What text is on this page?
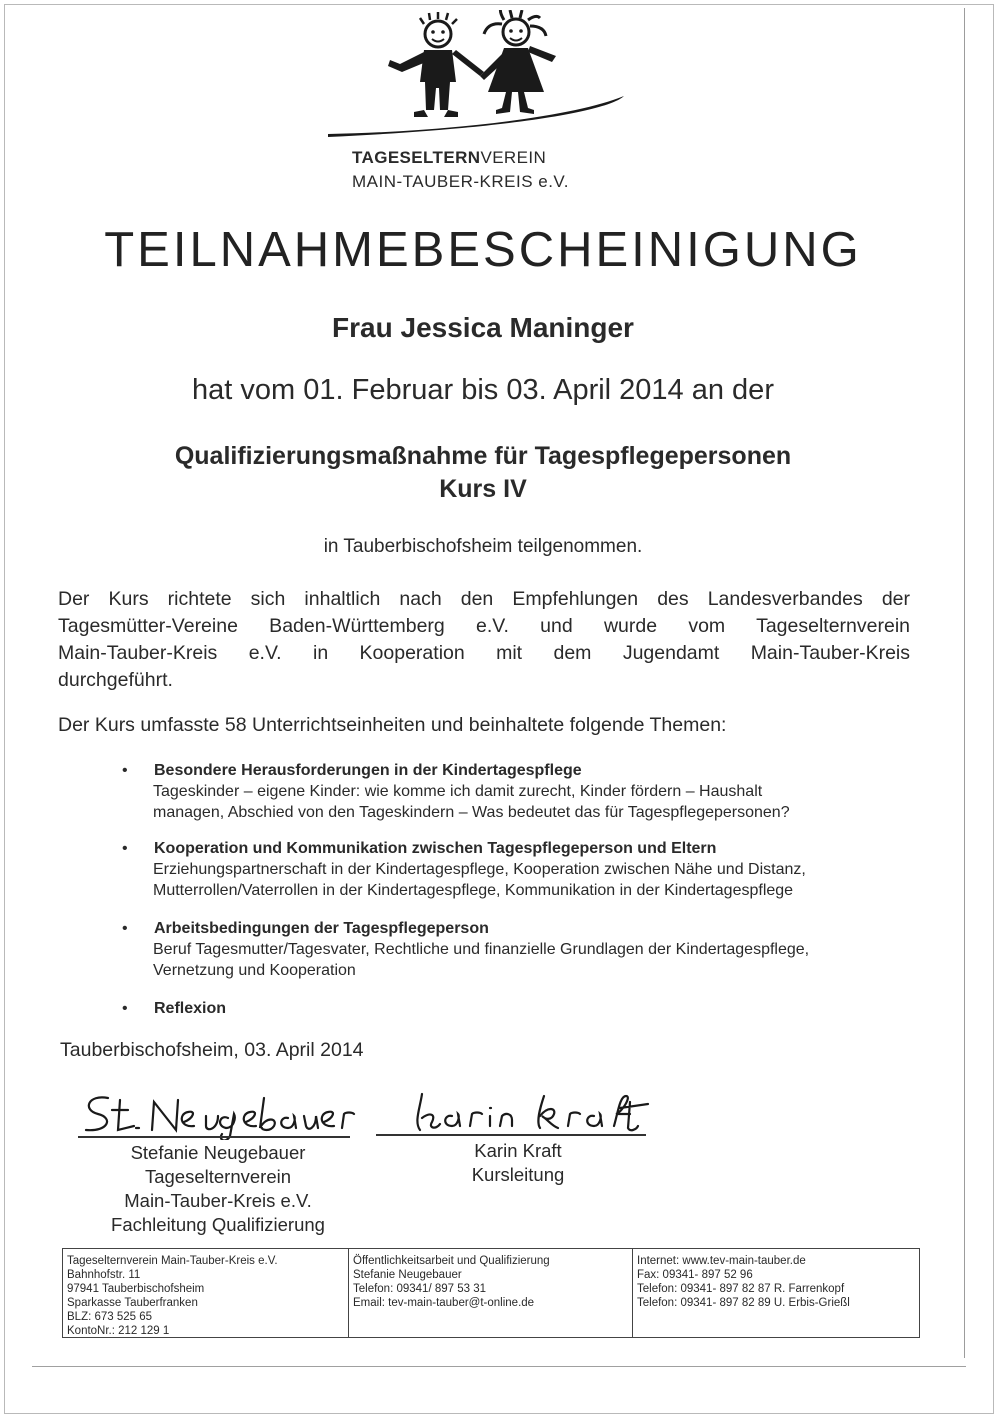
TAGESELTERNVEREIN
MAIN-TAUBER-KREIS e.V.
TEILNAHMEBESCHEINIGUNG
Frau Jessica Maninger
hat vom 01. Februar bis 03. April 2014 an der
Qualifizierungsmaßnahme für Tagespflegepersonen
Kurs IV
in Tauberbischofsheim teilgenommen.
Der Kurs richtete sich inhaltlich nach den Empfehlungen des Landesverbandes der
Tagesmütter-Vereine Baden-Württemberg e.V. und wurde vom Tageselternverein
Main-Tauber-Kreis e.V. in Kooperation mit dem Jugendamt Main-Tauber-Kreis
durchgeführt.
Der Kurs umfasste 58 Unterrichtseinheiten und beinhaltete folgende Themen:
• Besondere Herausforderungen in der Kindertagespflege
Tageskinder – eigene Kinder: wie komme ich damit zurecht, Kinder fördern – Haushalt
managen, Abschied von den Tageskindern – Was bedeutet das für Tagespflegepersonen?
• Kooperation und Kommunikation zwischen Tagespflegeperson und Eltern
Erziehungspartnerschaft in der Kindertagespflege, Kooperation zwischen Nähe und Distanz,
Mutterrollen/Vaterrollen in der Kindertagespflege, Kommunikation in der Kindertagespflege
• Arbeitsbedingungen der Tagespflegeperson
Beruf Tagesmutter/Tagesvater, Rechtliche und finanzielle Grundlagen der Kindertagespflege,
Vernetzung und Kooperation
• Reflexion
Tauberbischofsheim, 03. April 2014
Stefanie Neugebauer
Tageselternverein
Main-Tauber-Kreis e.V.
Fachleitung Qualifizierung
Karin Kraft
Kursleitung
Tageselternverein Main-Tauber-Kreis e.V.
Bahnhofstr. 11
97941 Tauberbischofsheim
Sparkasse Tauberfranken
BLZ: 673 525 65
KontoNr.: 212 129 1
Öffentlichkeitsarbeit und Qualifizierung
Stefanie Neugebauer
Telefon: 09341/ 897 53 31
Email: tev-main-tauber@t-online.de
Internet: www.tev-main-tauber.de
Fax: 09341- 897 52 96
Telefon: 09341- 897 82 87 R. Farrenkopf
Telefon: 09341- 897 82 89 U. Erbis-Grießl
